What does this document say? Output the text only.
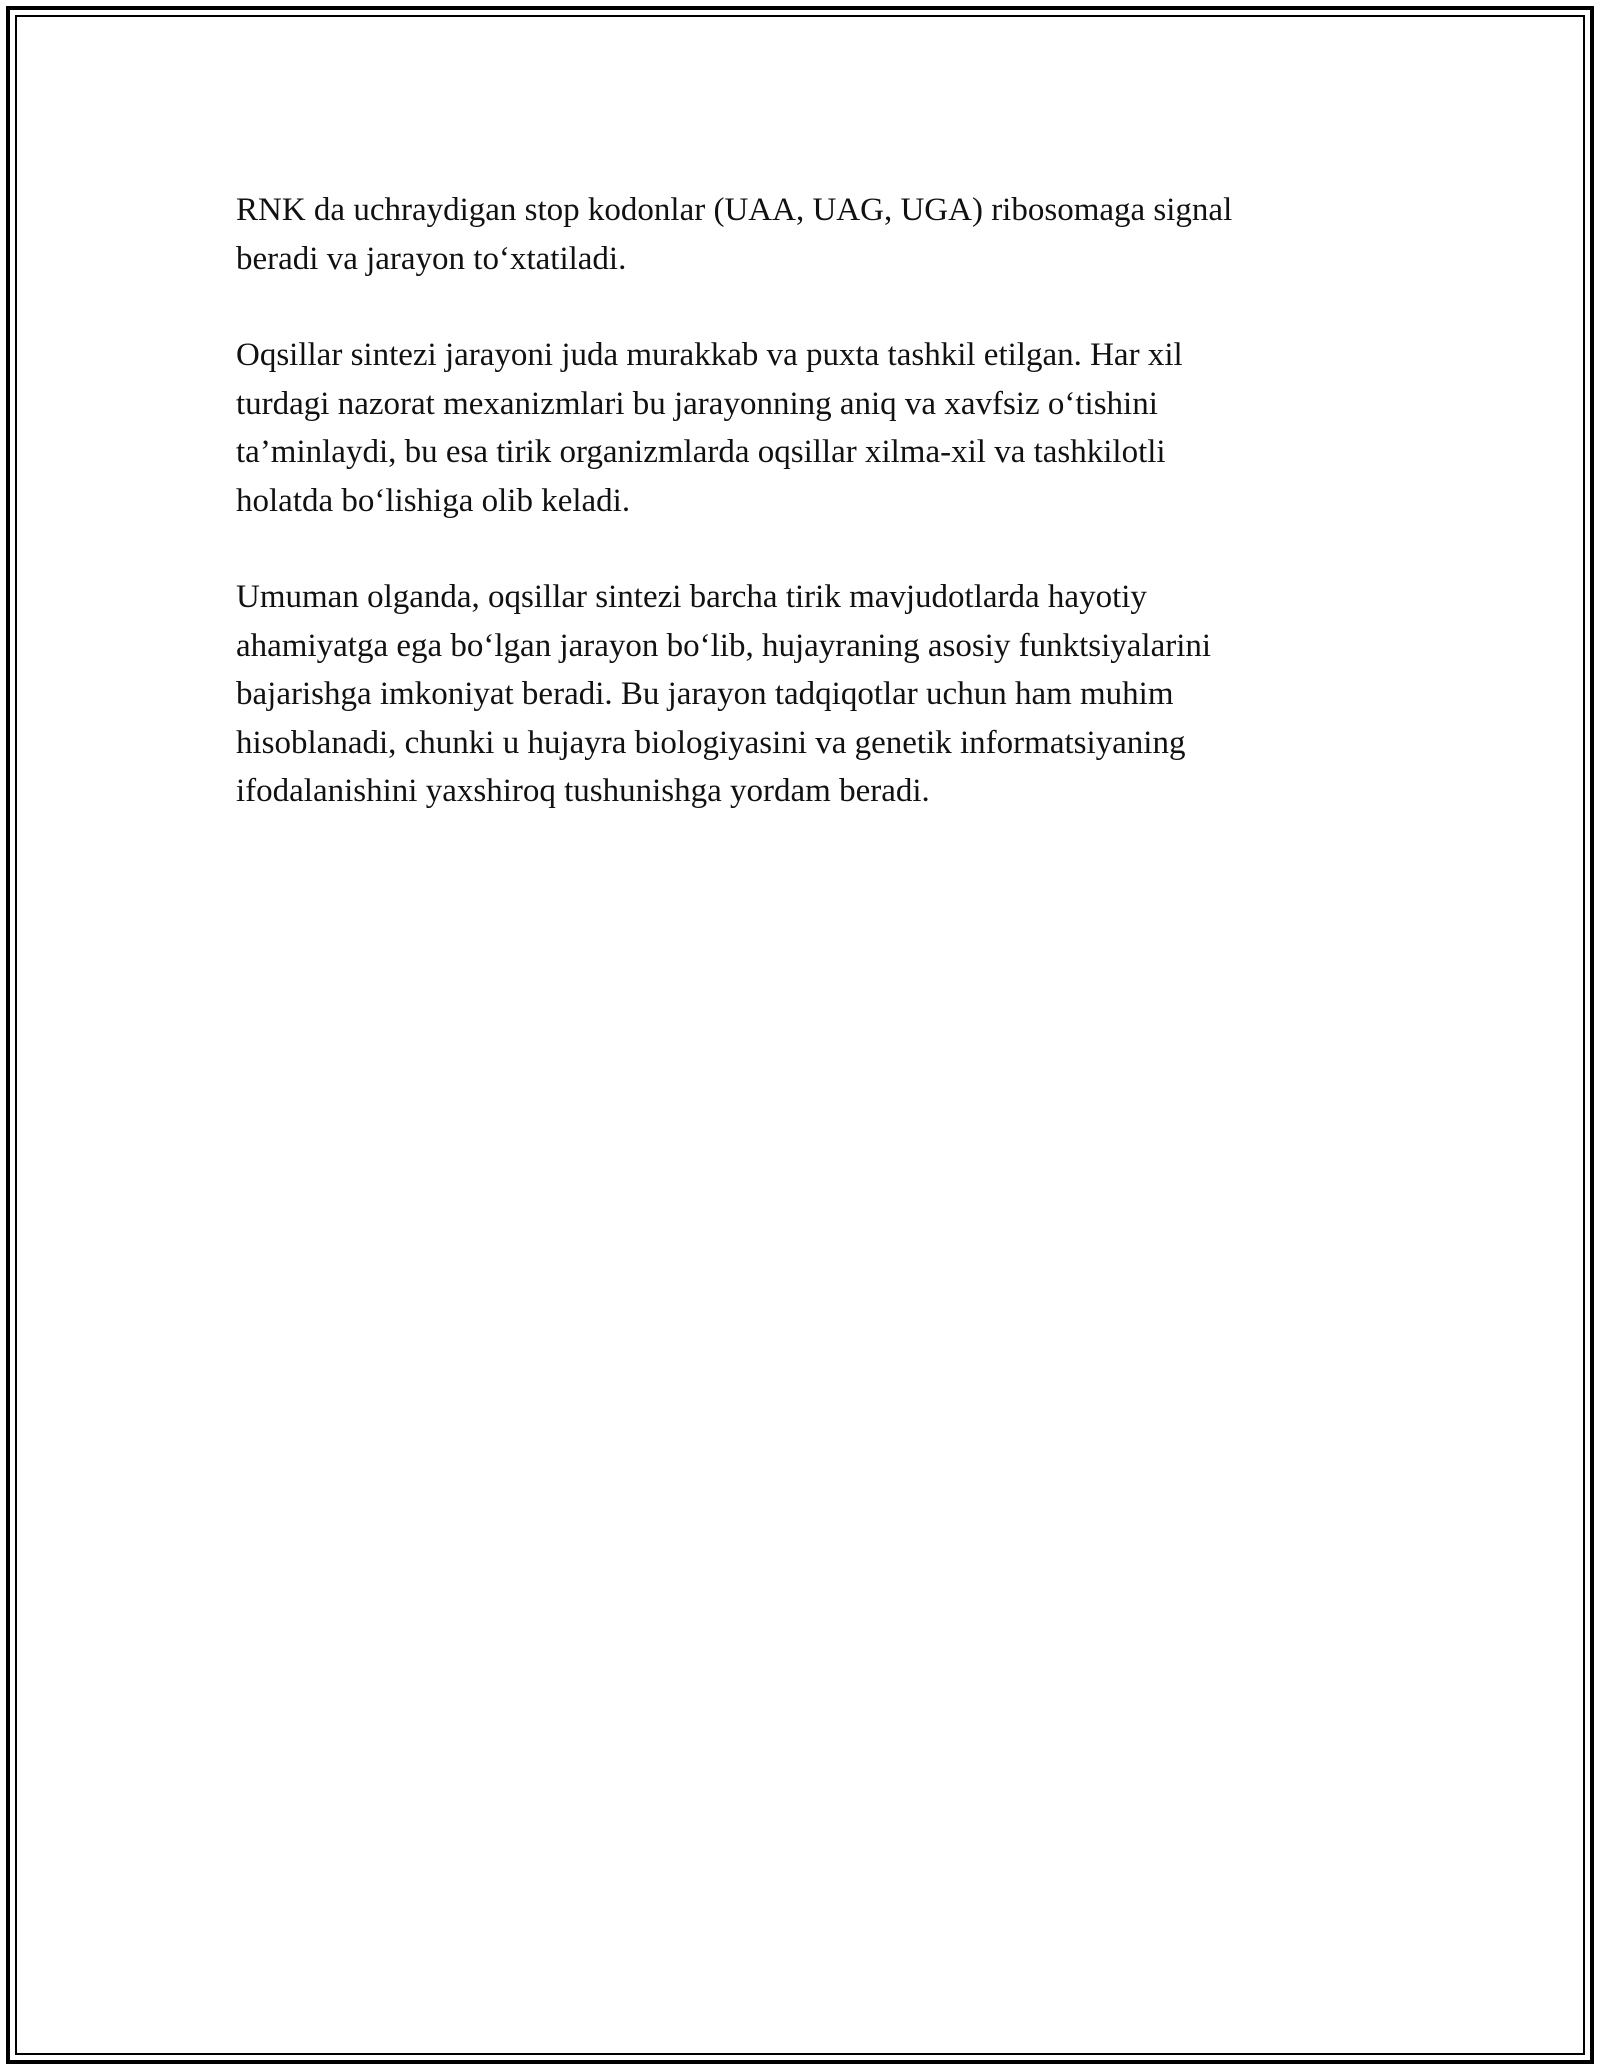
RNK da uchraydigan stop kodonlar (UAA, UAG, UGA) ribosomaga signal
beradi va jarayon to‘xtatiladi.

Oqsillar sintezi jarayoni juda murakkab va puxta tashkil etilgan. Har xil
turdagi nazorat mexanizmlari bu jarayonning aniq va xavfsiz o‘tishini
ta’minlaydi, bu esa tirik organizmlarda oqsillar xilma-xil va tashkilotli
holatda bo‘lishiga olib keladi.

Umuman olganda, oqsillar sintezi barcha tirik mavjudotlarda hayotiy
ahamiyatga ega bo‘lgan jarayon bo‘lib, hujayraning asosiy funktsiyalarini
bajarishga imkoniyat beradi. Bu jarayon tadqiqotlar uchun ham muhim
hisoblanadi, chunki u hujayra biologiyasini va genetik informatsiyaning
ifodalanishini yaxshiroq tushunishga yordam beradi.
